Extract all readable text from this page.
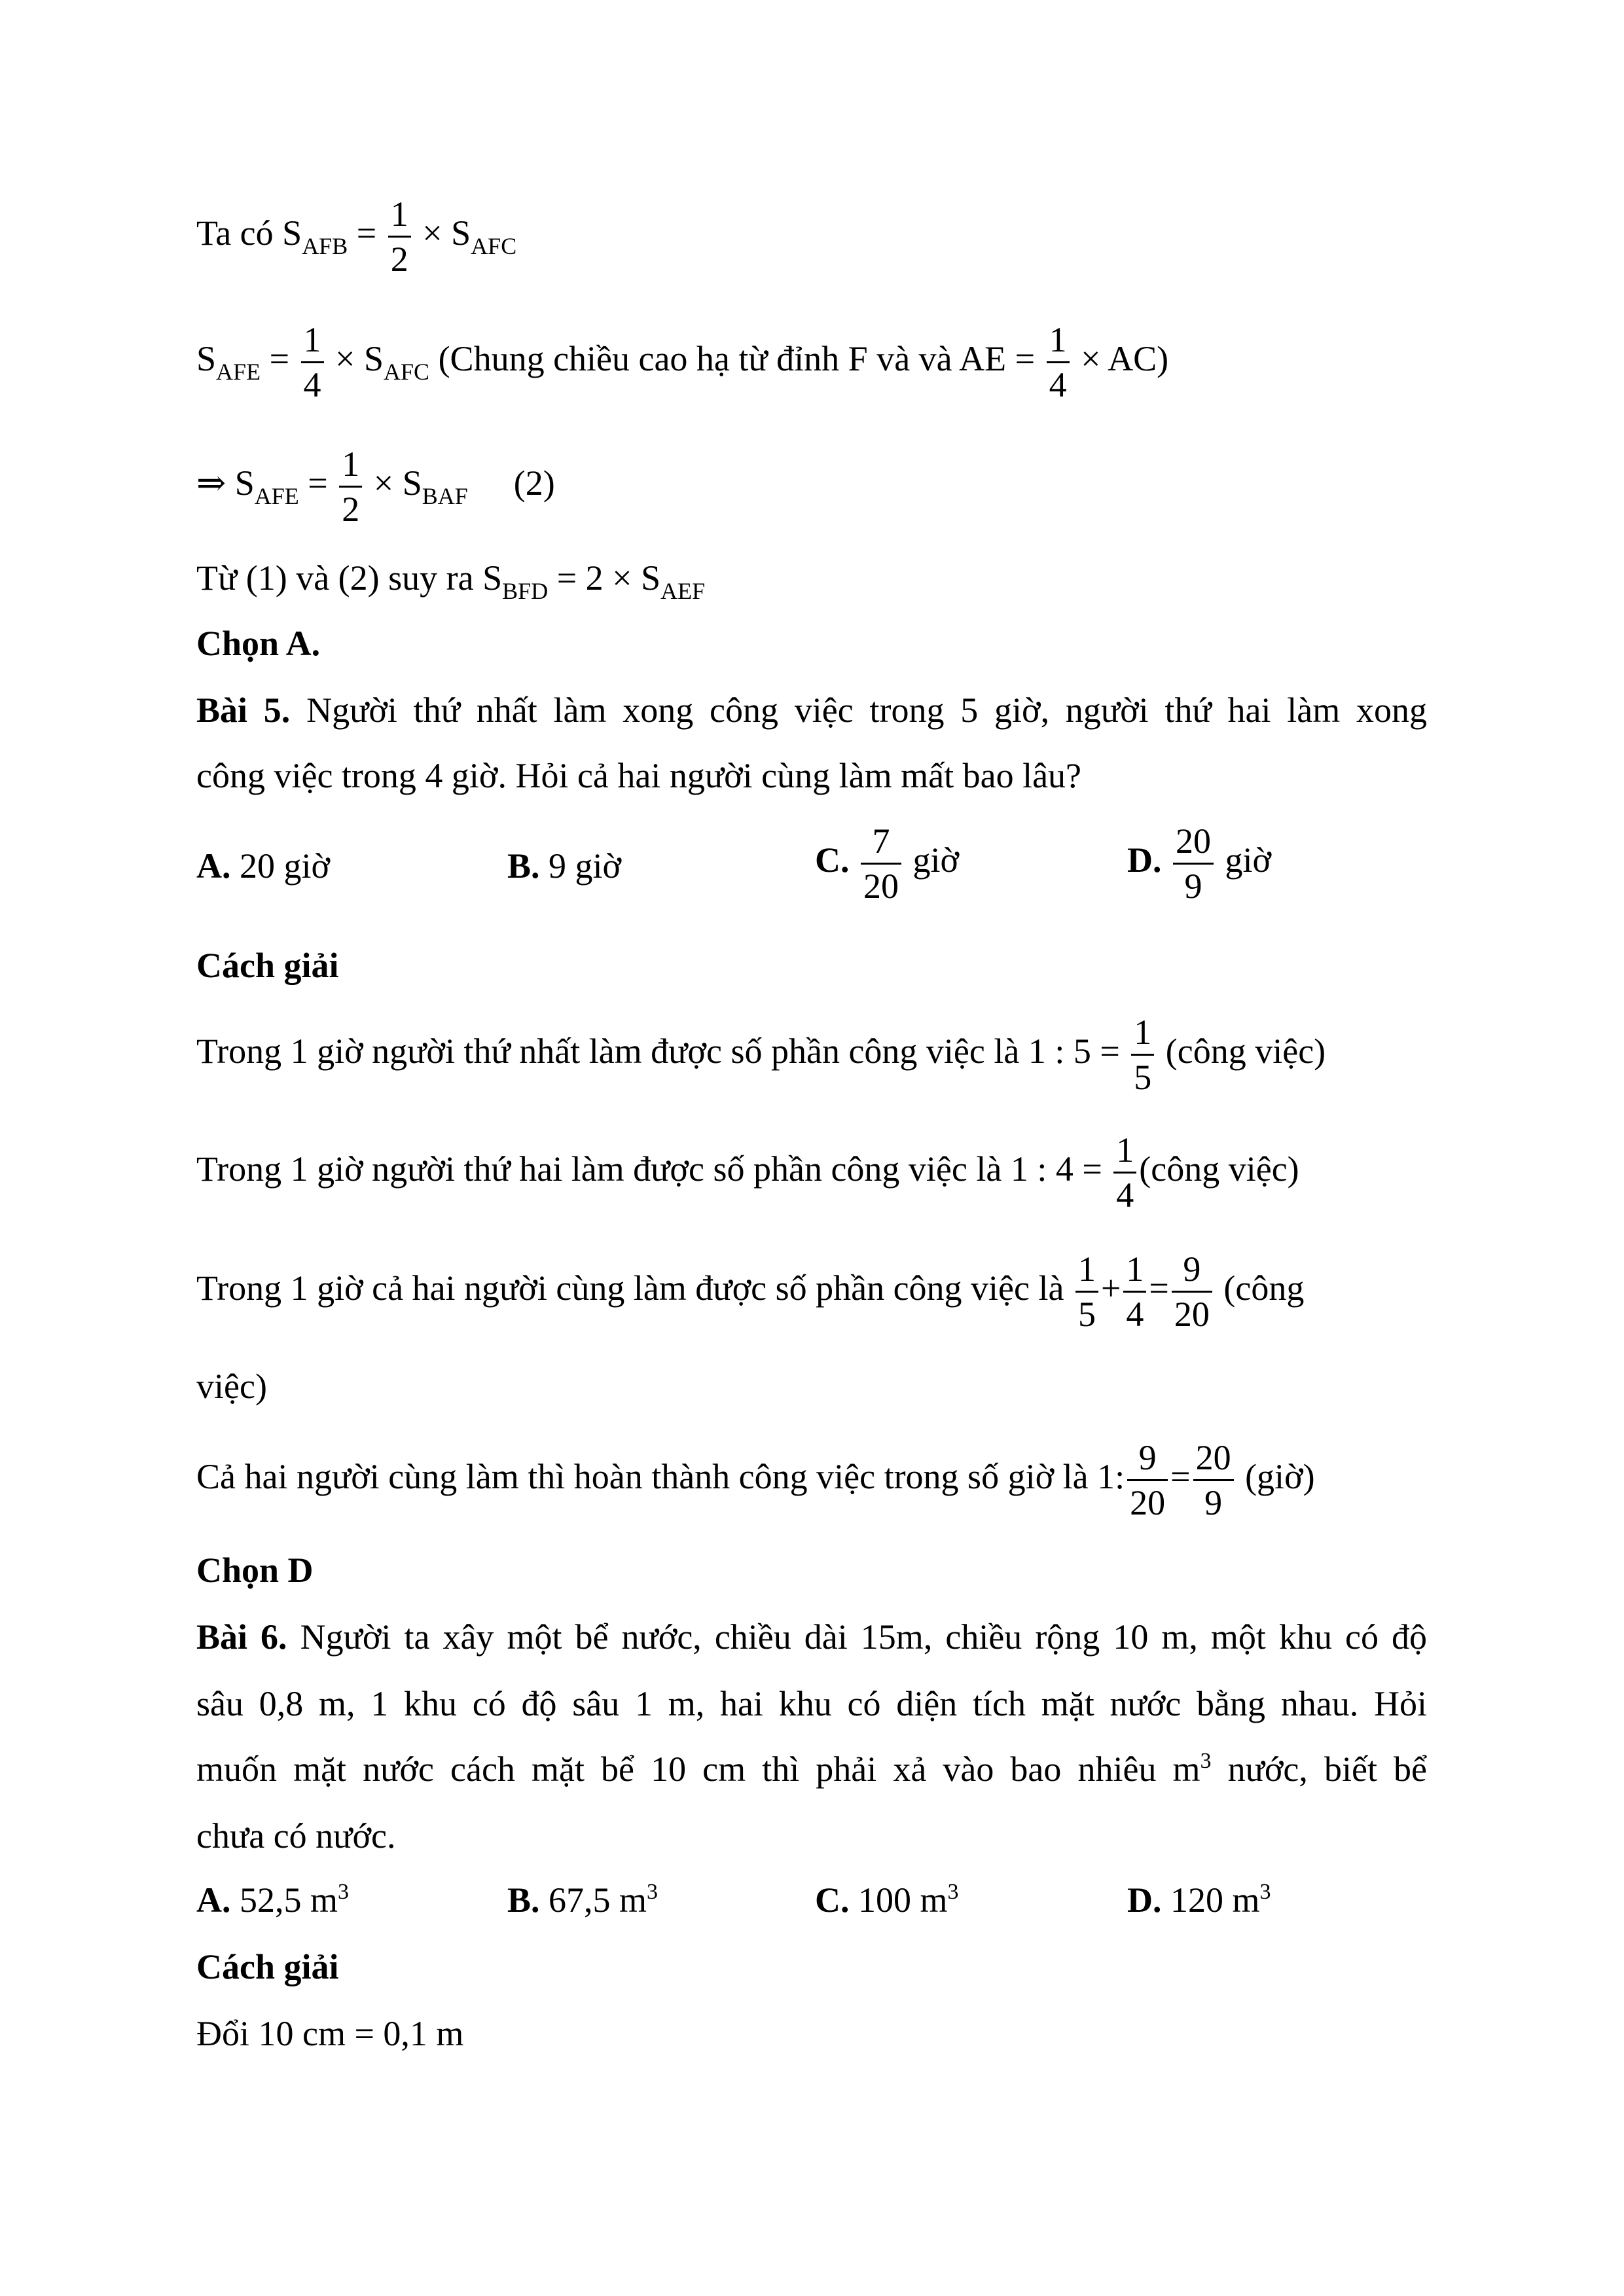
Ta có $S_{AFB} = \frac{1}{2} \times S_{AFC}$
$S_{AFE} = \frac{1}{4} \times S_{AFC}$ (Chung chiều cao hạ từ đỉnh F và và AE = $\frac{1}{4} \times AC$)
⇒ $S_{AFE} = \frac{1}{2} \times S_{BAF}$ (2)
Từ (1) và (2) suy ra $S_{BFD} = 2 \times S_{AEF}$
Chọn A.
Bài 5. Người thứ nhất làm xong công việc trong 5 giờ, người thứ hai làm xong
công việc trong 4 giờ. Hỏi cả hai người cùng làm mất bao lâu?
A. 20 giờ	B. 9 giờ	C. $\frac{7}{20}$ giờ	D. $\frac{20}{9}$ giờ
Cách giải
Trong 1 giờ người thứ nhất làm được số phần công việc là 1 : $5 = \frac{1}{5}$ (công việc)
Trong 1 giờ người thứ hai làm được số phần công việc là 1 : $4 = \frac{1}{4}$ (công việc)
Trong 1 giờ cả hai người cùng làm được số phần công việc là $\frac{1}{5} + \frac{1}{4} = \frac{9}{20}$ (công
việc)
Cả hai người cùng làm thì hoàn thành công việc trong số giờ là 1: $\frac{9}{20} = \frac{20}{9}$ (giờ)
Chọn D
Bài 6. Người ta xây một bể nước, chiều dài 15m, chiều rộng 10 m, một khu có độ
sâu 0,8 m, 1 khu có độ sâu 1 m, hai khu có diện tích mặt nước bằng nhau. Hỏi
muốn mặt nước cách mặt bể 10 cm thì phải xả vào bao nhiêu $m^3$ nước, biết bể
chưa có nước.
A. 52,5 $m^3$	B. 67,5 $m^3$	C. 100 $m^3$	D. 120 $m^3$
Cách giải
Đổi 10 cm = 0,1 m
